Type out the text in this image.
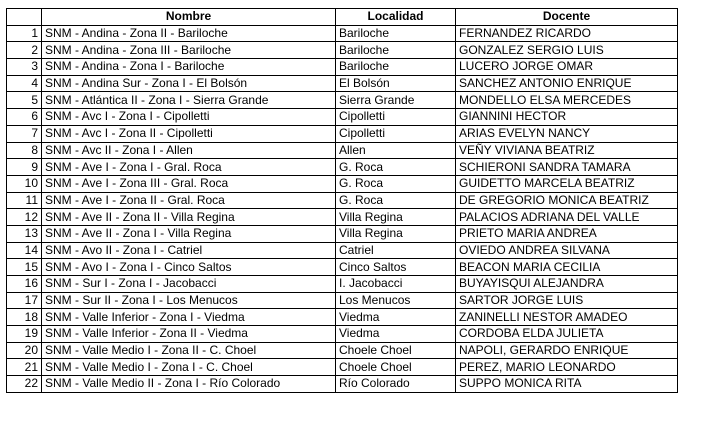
	Nombre	Localidad	Docente
1	SNM - Andina - Zona II - Bariloche	Bariloche	FERNANDEZ RICARDO
2	SNM - Andina - Zona III - Bariloche	Bariloche	GONZALEZ SERGIO LUIS
3	SNM - Andina - Zona I - Bariloche	Bariloche	LUCERO JORGE OMAR
4	SNM - Andina Sur - Zona I - El Bolsón	El Bolsón	SANCHEZ ANTONIO ENRIQUE
5	SNM - Atlántica II - Zona I - Sierra Grande	Sierra Grande	MONDELLO ELSA MERCEDES
6	SNM - Avc I - Zona I - Cipolletti	Cipolletti	GIANNINI HECTOR
7	SNM - Avc I - Zona II - Cipolletti	Cipolletti	ARIAS EVELYN NANCY
8	SNM - Avc II - Zona I - Allen	Allen	VEÑY VIVIANA BEATRIZ
9	SNM - Ave I - Zona I - Gral. Roca	G. Roca	SCHIERONI SANDRA TAMARA
10	SNM - Ave I - Zona III - Gral. Roca	G. Roca	GUIDETTO MARCELA BEATRIZ
11	SNM - Ave I - Zona II - Gral. Roca	G. Roca	DE GREGORIO MONICA BEATRIZ
12	SNM - Ave II - Zona II - Villa Regina	Villa Regina	PALACIOS ADRIANA DEL VALLE
13	SNM - Ave II - Zona I - Villa Regina	Villa Regina	PRIETO MARIA ANDREA
14	SNM - Avo II - Zona I - Catriel	Catriel	OVIEDO ANDREA SILVANA
15	SNM - Avo I - Zona I - Cinco Saltos	Cinco Saltos	BEACON MARIA CECILIA
16	SNM - Sur I - Zona I - Jacobacci	I. Jacobacci	BUYAYISQUI ALEJANDRA
17	SNM - Sur II - Zona I - Los Menucos	Los Menucos	SARTOR JORGE LUIS
18	SNM - Valle Inferior - Zona I - Viedma	Viedma	ZANINELLI NESTOR AMADEO
19	SNM - Valle Inferior - Zona II - Viedma	Viedma	CORDOBA ELDA JULIETA
20	SNM - Valle Medio I - Zona II - C. Choel	Choele Choel	NAPOLI, GERARDO ENRIQUE
21	SNM - Valle Medio I - Zona I - C. Choel	Choele Choel	PEREZ, MARIO LEONARDO
22	SNM - Valle Medio II - Zona I - Río Colorado	Río Colorado	SUPPO MONICA RITA
